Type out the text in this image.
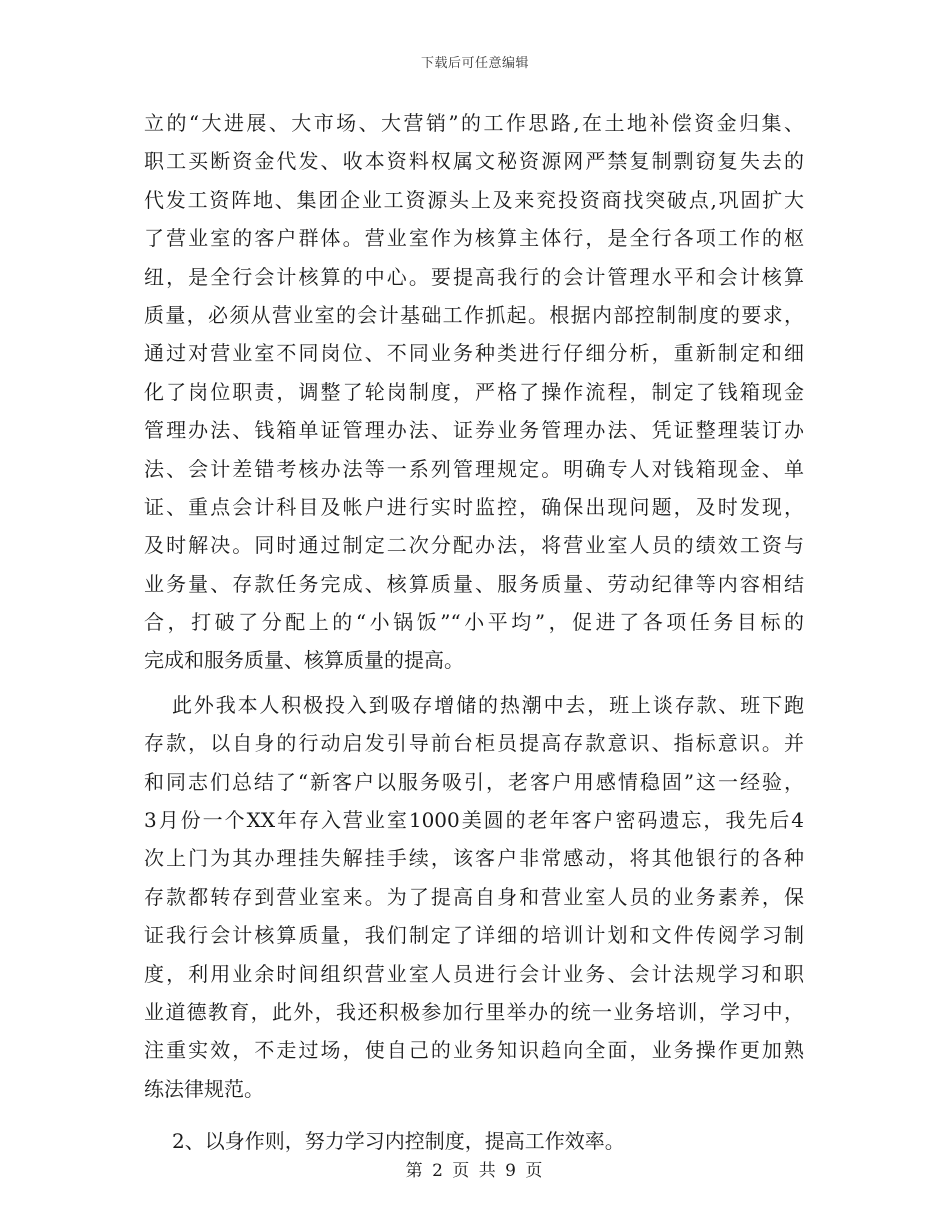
下载后可任意编辑
立的“大进展、大市场、大营销”的工作思路,在土地补偿资金归集、
职工买断资金代发、收本资料权属文秘资源网严禁复制剽窃复失去的
代发工资阵地、集团企业工资源头上及来兖投资商找突破点,巩固扩大
了营业室的客户群体。营业室作为核算主体行，是全行各项工作的枢
纽，是全行会计核算的中心。要提高我行的会计管理水平和会计核算
质量，必须从营业室的会计基础工作抓起。根据内部控制制度的要求，
通过对营业室不同岗位、不同业务种类进行仔细分析，重新制定和细
化了岗位职责，调整了轮岗制度，严格了操作流程，制定了钱箱现金
管理办法、钱箱单证管理办法、证券业务管理办法、凭证整理装订办
法、会计差错考核办法等一系列管理规定。明确专人对钱箱现金、单
证、重点会计科目及帐户进行实时监控，确保出现问题，及时发现，
及时解决。同时通过制定二次分配办法，将营业室人员的绩效工资与
业务量、存款任务完成、核算质量、服务质量、劳动纪律等内容相结
合，打破了分配上的“小锅饭”“小平均”，促进了各项任务目标的
完成和服务质量、核算质量的提高。
此外我本人积极投入到吸存增储的热潮中去，班上谈存款、班下跑
存款，以自身的行动启发引导前台柜员提高存款意识、指标意识。并
和同志们总结了“新客户以服务吸引，老客户用感情稳固”这一经验，
3月份一个XX年存入营业室1000美圆的老年客户密码遗忘，我先后4
次上门为其办理挂失解挂手续，该客户非常感动，将其他银行的各种
存款都转存到营业室来。为了提高自身和营业室人员的业务素养，保
证我行会计核算质量，我们制定了详细的培训计划和文件传阅学习制
度，利用业余时间组织营业室人员进行会计业务、会计法规学习和职
业道德教育，此外，我还积极参加行里举办的统一业务培训，学习中，
注重实效，不走过场，使自己的业务知识趋向全面，业务操作更加熟
练法律规范。
2、以身作则，努力学习内控制度，提高工作效率。
第 2 页 共 9 页
